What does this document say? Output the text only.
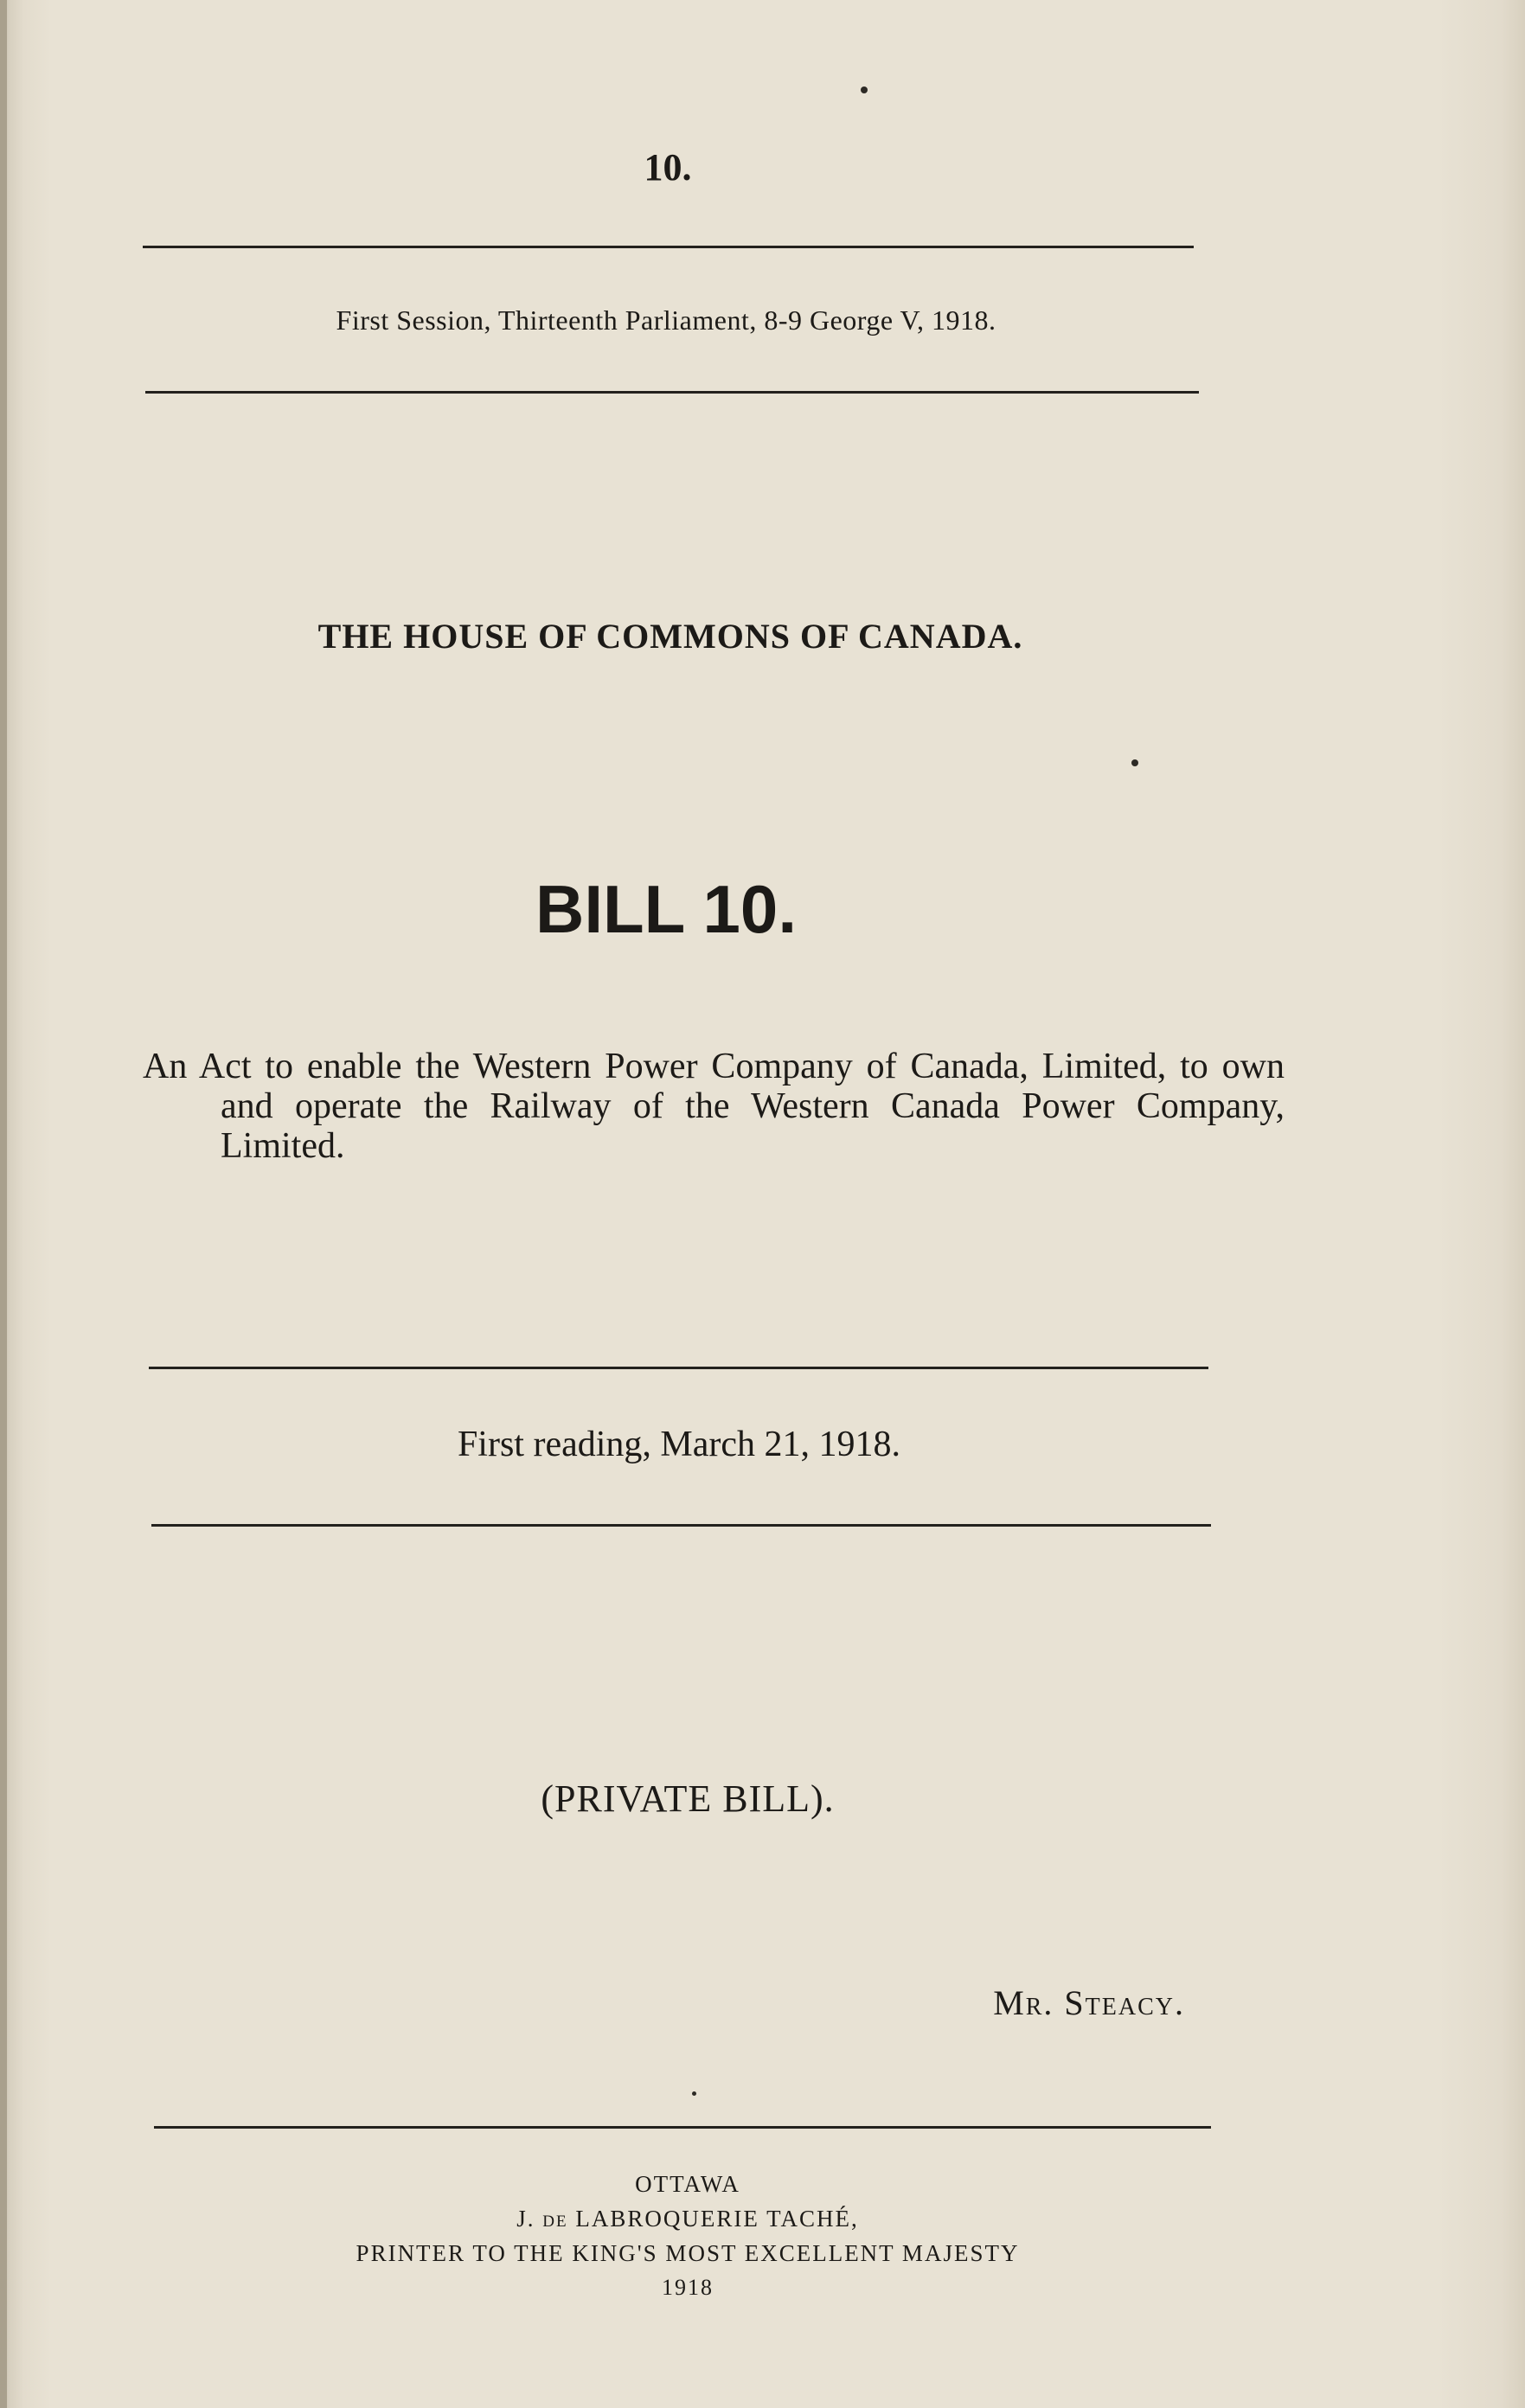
10.
First Session, Thirteenth Parliament, 8-9 George V, 1918.
THE HOUSE OF COMMONS OF CANADA.
BILL 10.
An Act to enable the Western Power Company of Canada, Limited, to own and operate the Railway of the Western Canada Power Company, Limited.
First reading, March 21, 1918.
(PRIVATE BILL).
Mr. Steacy.
OTTAWA
J. de LABROQUERIE TACHÉ,
PRINTER TO THE KING'S MOST EXCELLENT MAJESTY
1918
